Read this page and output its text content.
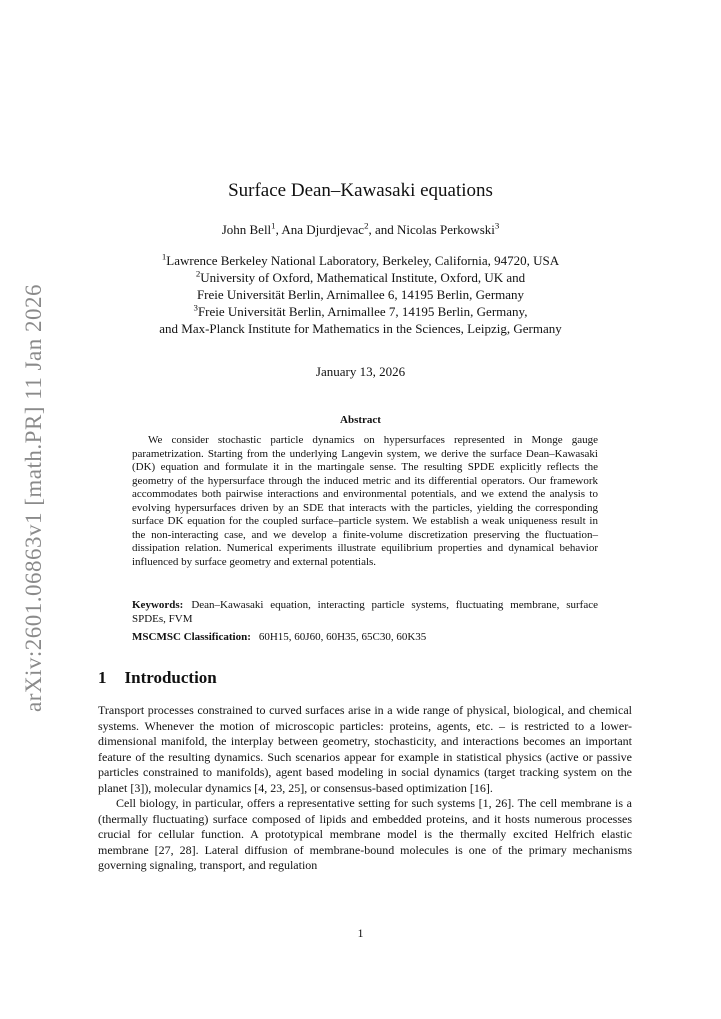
arXiv:2601.06863v1 [math.PR] 11 Jan 2026
Surface Dean–Kawasaki equations
John Bell$^1$, Ana Djurdjevac$^2$, and Nicolas Perkowski$^3$
$^1$Lawrence Berkeley National Laboratory, Berkeley, California, 94720, USA
$^2$University of Oxford, Mathematical Institute, Oxford, UK and
Freie Universität Berlin, Arnimallee 6, 14195 Berlin, Germany
$^3$Freie Universität Berlin, Arnimallee 7, 14195 Berlin, Germany,
and Max-Planck Institute for Mathematics in the Sciences, Leipzig, Germany
January 13, 2026
Abstract
We consider stochastic particle dynamics on hypersurfaces represented in Monge gauge parametrization. Starting from the underlying Langevin system, we derive the surface Dean–Kawasaki (DK) equation and formulate it in the martingale sense. The resulting SPDE explicitly reflects the geometry of the hypersurface through the induced metric and its differential operators. Our framework accommodates both pairwise interactions and environmental potentials, and we extend the analysis to evolving hypersurfaces driven by an SDE that interacts with the particles, yielding the corresponding surface DK equation for the coupled surface–particle system. We establish a weak uniqueness result in the non-interacting case, and we develop a finite-volume discretization preserving the fluctuation–dissipation relation. Numerical experiments illustrate equilibrium properties and dynamical behavior influenced by surface geometry and external potentials.
Keywords: Dean–Kawasaki equation, interacting particle systems, fluctuating membrane, surface SPDEs, FVM
MSCMSC Classification: 60H15, 60J60, 60H35, 65C30, 60K35
1 Introduction

Transport processes constrained to curved surfaces arise in a wide range of physical, biological, and chemical systems. Whenever the motion of microscopic particles: proteins, agents, etc. – is restricted to a lower-dimensional manifold, the interplay between geometry, stochasticity, and interactions becomes an important feature of the resulting dynamics. Such scenarios appear for example in statistical physics (active or passive particles constrained to manifolds), agent based modeling in social dynamics (target tracking system on the planet [3]), molecular dynamics [4, 23, 25], or consensus-based optimization [16].

Cell biology, in particular, offers a representative setting for such systems [1, 26]. The cell membrane is a (thermally fluctuating) surface composed of lipids and embedded proteins, and it hosts numerous processes crucial for cellular function. A prototypical membrane model is the thermally excited Helfrich elastic membrane [27, 28]. Lateral diffusion of membrane-bound molecules is one of the primary mechanisms governing signaling, transport, and regulation

1
